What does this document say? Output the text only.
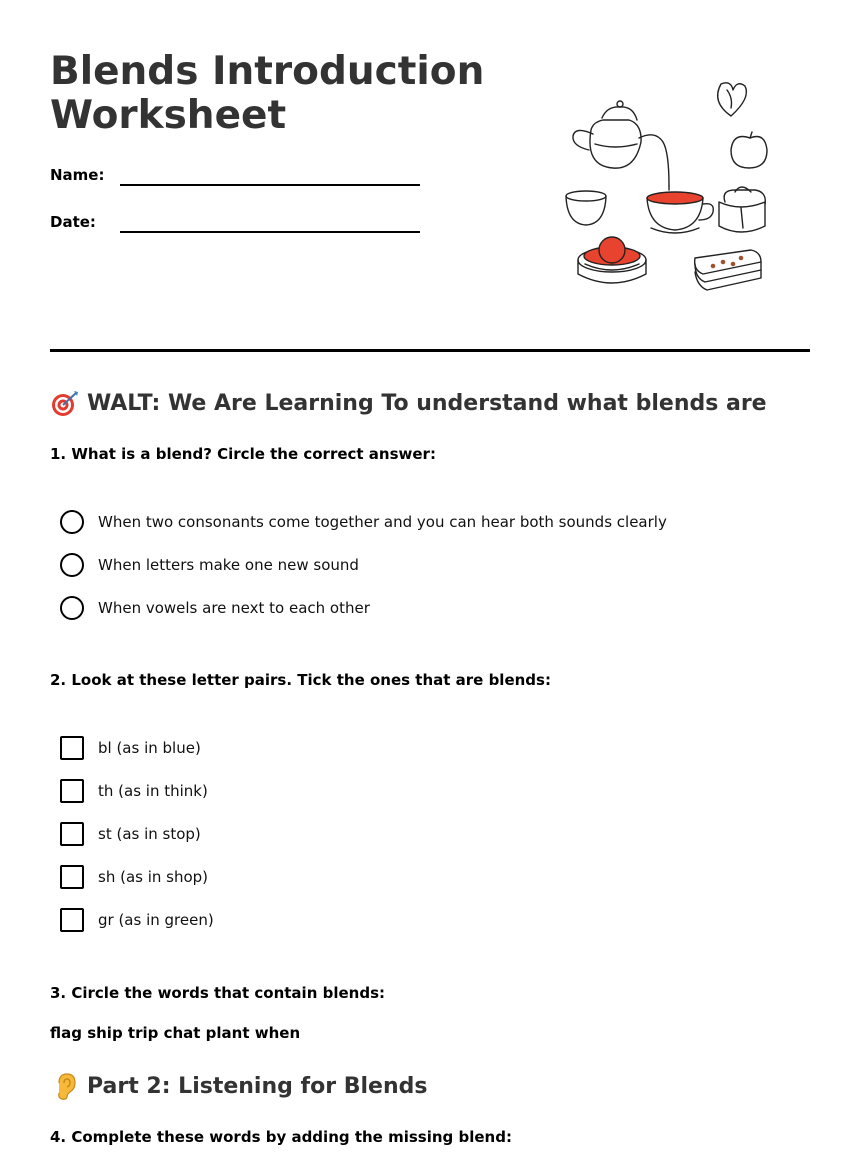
Blends Introduction
Worksheet
Name:
Date:
WALT: We Are Learning To understand what blends are
1. What is a blend? Circle the correct answer:
When two consonants come together and you can hear both sounds clearly
When letters make one new sound
When vowels are next to each other
2. Look at these letter pairs. Tick the ones that are blends:
bl (as in blue)
th (as in think)
st (as in stop)
sh (as in shop)
gr (as in green)
3. Circle the words that contain blends:
flag ship trip chat plant when
Part 2: Listening for Blends
4. Complete these words by adding the missing blend:
